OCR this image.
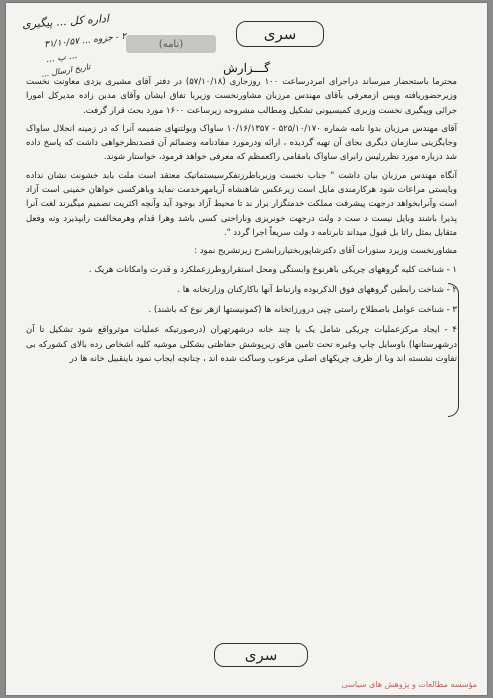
اداره کل ... پیگیری
۲ - جزوه ... ۳۱/۱۰/۵۷
... ب ...
تاریخ ارسال ...
(نامه)
سری
گـــزارش

محترما باستحضار میرساند دراجرای امردرساعت ۱۰۰ روزجاری (۵۷/۱۰/۱۸) در دفتر آقای مشیری یزدی معاونت نخست وزیرحضوریافته وپس ازمعرفی بآقای مهندس مرزبان مشاورنخست وزیربا تفاق ایشان وآقای مدبن زاده مدیرکل امورا جرائی وپیگیری نخست وزیری کمیسیونی تشکیل ومطالب مشروحه زیرساعت ۱۶۰۰ مورد بحث قرار گرفت.

آقای مهندس مرزبان بدوا نامه شماره ۵۲۵/۱۰/۱۷۰ - ۱۰/۱۶/۱۳۵۷ ساواک وبولتنهای ضمیمه آنرا که در زمینه انحلال ساواک وجایگزینی سازمان دیگری بجای آن تهیه گردیده ، ارائه ودرمورد مفادنامه وضمائم آن قصدنظرخواهی داشت که پاسخ داده شد درباره مورد نظررئیس رابرای ساواک بامقامی راکعمظم که معرفی خواهد فرمود، خواستار شوند.

آنگاه مهندس مرزبان بیان داشت " جناب نخست وزیرباطرزتفکرسیستماتیک معتقد است ملت بابد خشونت نشان نداده وبایستی مراعات شود هرکارمندی مایل است زیرعکس شاهنشاه آریامهرخدمت نماید وباهرکسی خواهان خمینی است آزاد است وآنرابخواهد درجهت پیشرفت مملکت خدمتگزار برار ند تا محیط آزاد بوجود آید وآنچه اکثریت تصمیم میگیرند لغت آنرا پذیرا باشند وبایل نیست د ست د ولت درجهت خونریزی وناراحتی کسی باشد وهرا قدام وهرمخالفت رابپذیرد ونه وفعل متقابل بمثل راتا بل قبول میداند تابرنامه د ولت سریعاً اجرا گردد ".

مشاورنخست وزیرد ستورات آقای دکترشاپوربختیاررابشرح زیرتشریح نمود :

۱ - شناخت کلیه گروههای چریکی باهرنوع وابستگی ومحل استقراروطرزعملکرد و قدرت وامکانات هریک .

۲ - شناخت رابطین گروههای فوق الذکربوده وارتباط آنها باکارکنان وزارتخانه ها .

۳ - شناخت عوامل باصطلاح راستی چپی درورزاتخانه ها (کمونیستها ازهر نوع که باشند) .

۴ - ایجاد مرکزعملیات چریکی شامل یک یا چند خانه درشهرتهران (درصورتیکه عملیات موثرواقع شود تشکیل تا آن درشهرستانها) باوسایل چاپ وغیره تحت تامین های زیرپوشش حفاظتی بشکلی موشیه کلیه اشخاص رده بالای کشورکه بی تفاوت نشسته اند وبا از ظرف چریکهای اصلی مرعوب وساکت شده اند ، چنانچه ایجاب نمود باینقبیل خانه ها در

سری
مؤسسه مطالعات و پژوهش های سیاسی
